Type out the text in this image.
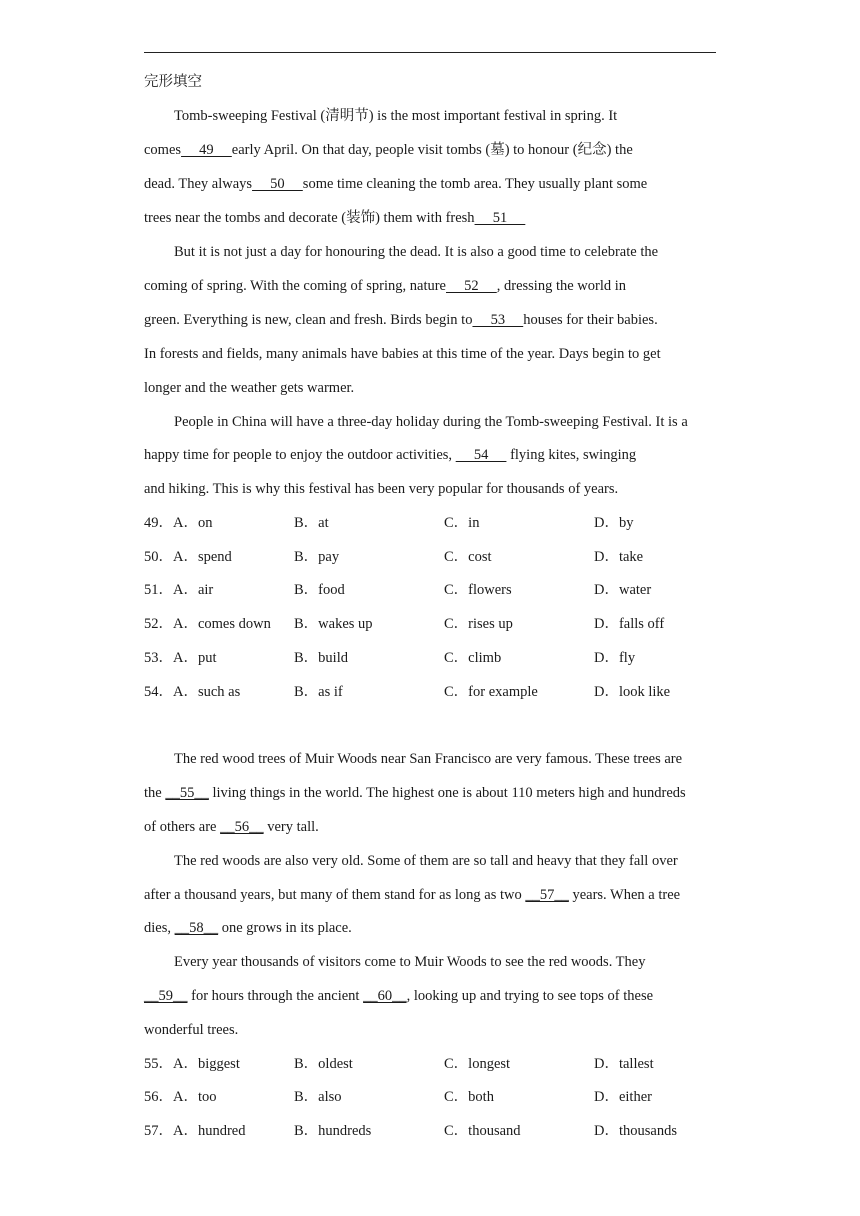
完形填空
Tomb-sweeping Festival (清明节) is the most important festival in spring. It
comes     49     early April. On that day, people visit tombs (墓) to honour (纪念) the
dead. They always     50     some time cleaning the tomb area. They usually plant some
trees near the tombs and decorate (装饰) them with fresh     51
But it is not just a day for honouring the dead. It is also a good time to celebrate the
coming of spring. With the coming of spring, nature     52     , dressing the world in
green. Everything is new, clean and fresh. Birds begin to     53     houses for their babies.
In forests and fields, many animals have babies at this time of the year. Days begin to get
longer and the weather gets warmer.
People in China will have a three-day holiday during the Tomb-sweeping Festival. It is a
happy time for people to enjoy the outdoor activities,      54      flying kites, swinging
and hiking. This is why this festival has been very popular for thousands of years.
49．A．on	B．at	C．in	D．by
50．A．spend	B．pay	C．cost	D．take
51．A．air	B．food	C．flowers	D．water
52．A．comes down B．wakes up	C．rises up	D．falls off
53．A．put	B．build	C．climb	D．fly
54．A．such as	B．as if	C．for example	D．look like
The red wood trees of Muir Woods near San Francisco are very famous. These trees are
the __55__ living things in the world. The highest one is about 110 meters high and hundreds
of others are __56__ very tall.
The red woods are also very old. Some of them are so tall and heavy that they fall over
after a thousand years, but many of them stand for as long as two __57__ years. When a tree
dies, __58__ one grows in its place.
Every year thousands of visitors come to Muir Woods to see the red woods. They
__59__ for hours through the ancient __60__, looking up and trying to see tops of these
wonderful trees.
55．A．biggest	B．oldest	C．longest	D．tallest
56．A．too	B．also	C．both	D．either
57．A．hundred	B．hundreds	C．thousand	D．thousands
